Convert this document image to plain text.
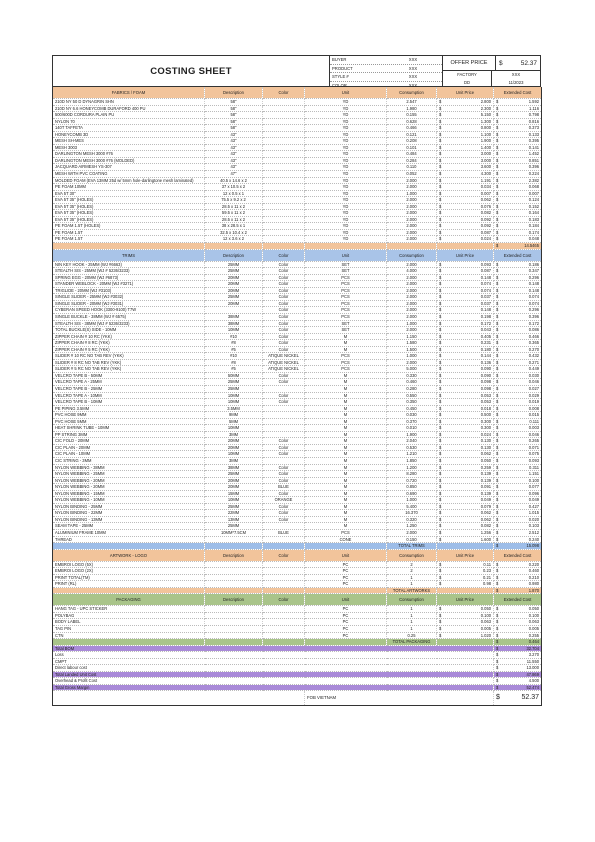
COSTING SHEET
BUYER	XXX
PRODUCT	XXX
STYLE #	XXX
COLOR	XXX
OFFER PRICE	$	52.37
FACTORY	XXX
DD	11/2023
FABRICS / FOAM	Description	Color	Unit	Consumption	Unit Price	Extended Cost
210D NY 50 D DYNAGRIN SHN	58"		YD	2.547	$ 2.800	$ 1.592

210D NY 6.6 HONEYCOMB DURAFORD 400 PU	58"		YD	1.980	$ 2.300	$ 1.116

500/600D CORDURA PLAIN PU	58"		YD	0.155	$ 5.150	$ 0.798

NYLON 70	58"		YD	0.628	$ 1.300	$ 0.816

140T TAFFETA	58"		YD	0.466	$ 0.800	$ 0.373

HONEYCOMB 3D	43"		YD	0.121	$ 1.100	$ 0.133

MESH SH-MES	43"		YD	0.208	$ 1.900	$ 0.395

MESH 3003	43"		YD	0.101	$ 1.400	$ 0.141

DARLINGTON MESH 3000 #76	43"		YD	0.484	$ 3.000	$ 1.452

DARLINGTON MESH 3000 #76 (MOLDED)	43"		YD	0.284	$ 3.000	$ 0.851

JACQUARD AIRMESH YS-307	43"		YD	0.110	$ 3.600	$ 0.396

MESH WITH PVC COATING	47"		YD	0.052	$ 4.300	$ 0.224

MOLDED FOAM (EVA 13MM 25d w/ 5mm hole-darlingtone mesh laminated)	40.5 x 14.6 x 2		YD	2.000	$ 1.191	$ 2.382

PE FOAM 10MM	37 x 10.5 x 2		YD	2.000	$ 0.034	$ 0.068

EVA 5T 30"	12 x 0.5 x 1		YD	1.000	$ 0.007	$ 0.007

EVA 5T 35" (HOLES)	75.5 x 9.2 x 2		YD	2.000	$ 0.062	$ 0.124

EVA 5T 35" (HOLES)	28.5 x 11 x 2		YD	2.000	$ 0.076	$ 0.152

EVA 5T 35" (HOLES)	59.5 x 11 x 2		YD	2.000	$ 0.082	$ 0.164

EVA 5T 35" (HOLES)	28.5 x 11 x 2		YD	2.000	$ 0.092	$ 0.183

PE FOAM 1.5T (HOLES)	38 x 28.5 x 1		YD	2.000	$ 0.092	$ 0.184

PE FOAM 1.5T	32.5 x 10.4 x 2		YD	2.000	$ 0.087	$ 0.174

PE FOAM 1.5T	12 x 3.6 x 2		YD	2.000	$ 0.024	$ 0.048

						$ 14.5465

TRIMS	Description	Color	Unit	Consumption	Unit Price	Extended Cost
NIN KEY HOOK - 25MM (WJ #6663)	25MM	Color	SET	2.000	$ 0.093	$ 0.186

STEALTH SIS - 25MM (WJ # 5236/3233)	25MM	Color	SET	4.000	$ 0.087	$ 0.347

SPRING EGG - 20MM (WJ #6873)	20MM	Color	PCS	2.000	$ 0.148	$ 0.296

STANDER WEBLOCK - 20MM (WJ #3271)	20MM	Color	PCS	2.000	$ 0.074	$ 0.148

TRIGLIDE - 20MM (WJ #3103)	20MM	Color	PCS	2.000	$ 0.074	$ 0.148

SINGLE SLIDER - 25MM (WJ #3032)	25MM	Color	PCS	2.000	$ 0.037	$ 0.074

SINGLE SLIDER - 20MM (WJ #3031)	20MM	Color	PCS	2.000	$ 0.037	$ 0.074

CYBERAN SPEED HOOK (3300-9100) T7W		Color	PCS	2.000	$ 0.148	$ 0.296

SINGLE BUCKLE - 38MM (WJ # 6575)	38MM	Color	PCS	2.000	$ 0.198	$ 0.396

STEALTH SIS - 38MM (WJ # 5236/3233)	38MM	Color	SET	1.000	$ 0.172	$ 0.172

TOTAL BUCKLE(S) SIDE - 10MM	10MM	Color	SET	2.000	$ 0.043	$ 0.086

ZIPPER CHAIN # 10 RC (YKK)	#10	Color	M	1.150	$ 0.405	$ 0.466

ZIPPER CHAIN # 8 RC (YKK)	#8	Color	M	1.580	$ 0.231	$ 0.365

ZIPPER CHAIN # 5 RC (YKK)	#5	Color	M	1.500	$ 0.180	$ 0.270

SLIDER # 10 RC NO TAB REV (YKK)	#10	ATIQUE NICKEL	PCS	1.000	$ 0.144	$ 0.432

SLIDER # 8 RC NO TAB REV (YKK)	#8	ATIQUE NICKEL	PCS	2.000	$ 0.136	$ 0.271

SLIDER # 5 RC NO TAB REV (YKK)	#5	ATIQUE NICKEL	PCS	5.000	$ 0.090	$ 0.449

VELCRO TAPE B - 50MM	50MM	Color	M	0.330	$ 0.090	$ 0.030

VELCRO TAPE A - 25MM	25MM	Color	M	0.460	$ 0.098	$ 0.046

VELCRO TAPE B - 25MM	25MM		M	0.280	$ 0.098	$ 0.027

VELCRO TAPE A - 10MM	10MM	Color	M	0.550	$ 0.053	$ 0.029

VELCRO TAPE B - 10MM	10MM	Color	M	0.350	$ 0.053	$ 0.019

PE PIPING 3.5MM	3.5MM		M	0.450	$ 0.018	$ 0.008

PVC HOSE 9MM	9MM		M	0.030	$ 0.500	$ 0.015

PVC HOSE 5MM	5MM		M	0.370	$ 0.300	$ 0.111

HEAT SHRINK TUBE - 10MM	10MM		M	0.010	$ 0.300	$ 0.003

PP STRING 3MM	3MM		M	1.900	$ 0.024	$ 0.046

CIC FOLD - 20MM	20MM	Color	M	2.040	$ 0.130	$ 0.265

CIC PLAIN - 20MM	20MM	Color	M	0.530	$ 0.130	$ 0.071

CIC PLAIN - 10MM	10MM	Color	M	1.210	$ 0.062	$ 0.075

CIC STRING - 3MM	3MM		M	1.850	$ 0.050	$ 0.093

NYLON WEBBING - 38MM	38MM	Color	M	1.200	$ 0.259	$ 0.311

NYLON WEBBING - 25MM	25MM	Color	M	8.280	$ 0.139	$ 1.151

NYLON WEBBING - 20MM	20MM	Color	M	0.720	$ 0.139	$ 0.100

NYLON WEBBING - 20MM	20MM	BLUE	M	0.850	$ 0.091	$ 0.077

NYLON WEBBING - 15MM	15MM	Color	M	0.690	$ 0.139	$ 0.096

NYLON WEBBING - 10MM	10MM	ORANGE	M	1.000	$ 0.049	$ 0.049

NYLON BINDING - 25MM	25MM	Color	M	5.400	$ 0.079	$ 0.427

NYLON BINDING - 22MM	22MM	Color	M	16.370	$ 0.062	$ 1.015

NYLON BINDING - 13MM	13MM	Color	M	0.320	$ 0.062	$ 0.020

SEAM TAPE - 25MM	25MM		M	1.250	$ 0.082	$ 0.103

ALUMINIUM FRAME 10MM	10MM*7.5CM	BLUE	PCS	2.000	$ 1.256	$ 2.512

THREAD			CONE	0.150	$ 1.600	$ 0.240

				TOTAL TRIMS		$ 15.098

ARTWORK - LOGO	Description	Color	Unit	Consumption	Unit Price	Extended Cost
EMBROI LOGO (5X)			PC	2	$ 0.11	$ 0.220

EMBROI LOGO (2X)			PC	2	$ 0.23	$ 0.460

PRINT TOTAL(TM)			PC	1	$ 0.21	$ 0.210

PRINT (RL)			PC	1	$ 0.98	$ 0.980

				TOTAL ARTWORKS		$ 1.870

PACKAGING	Description	Color	Unit	Consumption	Unit Price	Extended Cost
HANG TAG - UPC STICKER			PC	1	$ 0.050	$ 0.050

POLYBAG			PC	1	$ 0.100	$ 0.100

BODY LABEL			PC	1	$ 0.063	$ 0.063

TAG PIN			PC	1	$ 0.005	$ 0.005

CTN			PC	0.25	$ 1.020	$ 0.255

				TOTAL PACKAGING		$ 0.464

Total BOM						$ 32.704

Loss						$ 3.270

CMPT						$ 11.550

Direct labour cost						$ 13.000

Total Landed Unit Cost						$ 47.869

Overhead & Profit Cost						$ 4.500

Total Gross Margin						$ 52.474

			FOB VIETNAM			$ 52.37
